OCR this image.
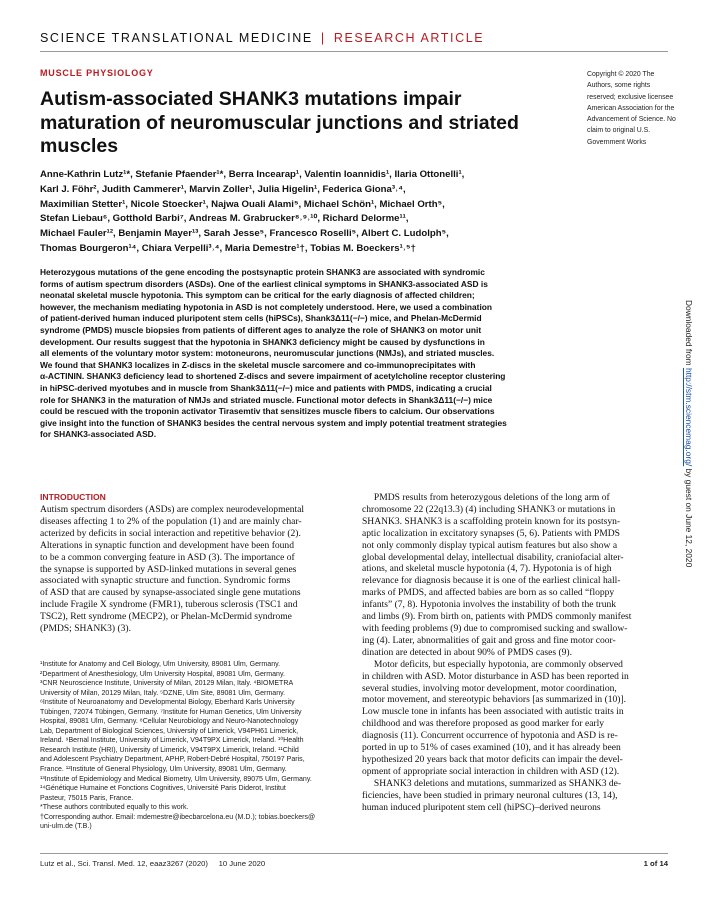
SCIENCE TRANSLATIONAL MEDICINE | RESEARCH ARTICLE
MUSCLE PHYSIOLOGY
Autism-associated SHANK3 mutations impair maturation of neuromuscular junctions and striated muscles
Copyright © 2020 The Authors, some rights reserved; exclusive licensee American Association for the Advancement of Science. No claim to original U.S. Government Works
Anne-Kathrin Lutz¹*, Stefanie Pfaender¹*, Berra Incearap¹, Valentin Ioannidis¹, Ilaria Ottonelli¹,
Karl J. Föhr², Judith Cammerer¹, Marvin Zoller¹, Julia Higelin¹, Federica Giona³˒⁴,
Maximilian Stetter¹, Nicole Stoecker¹, Najwa Ouali Alami⁵, Michael Schön¹, Michael Orth⁵,
Stefan Liebau⁶, Gotthold Barbi⁷, Andreas M. Grabrucker⁸˒⁹˒¹⁰, Richard Delorme¹¹,
Michael Fauler¹², Benjamin Mayer¹³, Sarah Jesse⁵, Francesco Roselli⁵, Albert C. Ludolph⁵,
Thomas Bourgeron¹⁴, Chiara Verpelli³˒⁴, Maria Demestre¹†, Tobias M. Boeckers¹˒⁵†
Heterozygous mutations of the gene encoding the postsynaptic protein SHANK3 are associated with syndromic
forms of autism spectrum disorders (ASDs). One of the earliest clinical symptoms in SHANK3-associated ASD is
neonatal skeletal muscle hypotonia. This symptom can be critical for the early diagnosis of affected children;
however, the mechanism mediating hypotonia in ASD is not completely understood. Here, we used a combination
of patient-derived human induced pluripotent stem cells (hiPSCs), Shank3Δ11(−/−) mice, and Phelan-McDermid
syndrome (PMDS) muscle biopsies from patients of different ages to analyze the role of SHANK3 on motor unit
development. Our results suggest that the hypotonia in SHANK3 deficiency might be caused by dysfunctions in
all elements of the voluntary motor system: motoneurons, neuromuscular junctions (NMJs), and striated muscles.
We found that SHANK3 localizes in Z-discs in the skeletal muscle sarcomere and co-immunoprecipitates with
α-ACTININ. SHANK3 deficiency lead to shortened Z-discs and severe impairment of acetylcholine receptor clustering
in hiPSC-derived myotubes and in muscle from Shank3Δ11(−/−) mice and patients with PMDS, indicating a crucial
role for SHANK3 in the maturation of NMJs and striated muscle. Functional motor defects in Shank3Δ11(−/−) mice
could be rescued with the troponin activator Tirasemtiv that sensitizes muscle fibers to calcium. Our observations
give insight into the function of SHANK3 besides the central nervous system and imply potential treatment strategies
for SHANK3-associated ASD.
Downloaded from http://stm.sciencemag.org/ by guest on June 12, 2020
INTRODUCTION
Autism spectrum disorders (ASDs) are complex neurodevelopmental
diseases affecting 1 to 2% of the population (1) and are mainly char-
acterized by deficits in social interaction and repetitive behavior (2).
Alterations in synaptic function and development have been found
to be a common converging feature in ASD (3). The importance of
the synapse is supported by ASD-linked mutations in several genes
associated with synaptic structure and function. Syndromic forms
of ASD that are caused by synapse-associated single gene mutations
include Fragile X syndrome (FMR1), tuberous sclerosis (TSC1 and
TSC2), Rett syndrome (MECP2), or Phelan-McDermid syndrome
(PMDS; SHANK3) (3).
¹Institute for Anatomy and Cell Biology, Ulm University, 89081 Ulm, Germany.
²Department of Anesthesiology, Ulm University Hospital, 89081 Ulm, Germany.
³CNR Neuroscience Institute, University of Milan, 20129 Milan, Italy. ⁴BIOMETRA
University of Milan, 20129 Milan, Italy. ⁵DZNE, Ulm Site, 89081 Ulm, Germany.
⁶Institute of Neuroanatomy and Developmental Biology, Eberhard Karls University
Tübingen, 72074 Tübingen, Germany. ⁷Institute for Human Genetics, Ulm University
Hospital, 89081 Ulm, Germany. ⁸Cellular Neurobiology and Neuro-Nanotechnology
Lab, Department of Biological Sciences, University of Limerick, V94PH61 Limerick,
Ireland. ⁹Bernal Institute, University of Limerick, V94T9PX Limerick, Ireland. ¹⁰Health
Research Institute (HRI), University of Limerick, V94T9PX Limerick, Ireland. ¹¹Child
and Adolescent Psychiatry Department, APHP, Robert-Debré Hospital, 750197 Paris,
France. ¹²Institute of General Physiology, Ulm University, 89081 Ulm, Germany.
¹³Institute of Epidemiology and Medical Biometry, Ulm University, 89075 Ulm, Germany.
¹⁴Génétique Humaine et Fonctions Cognitives, Université Paris Diderot, Institut
Pasteur, 75015 Paris, France.
*These authors contributed equally to this work.
†Corresponding author. Email: mdemestre@ibecbarcelona.eu (M.D.); tobias.boeckers@
uni-ulm.de (T.B.)
PMDS results from heterozygous deletions of the long arm of
chromosome 22 (22q13.3) (4) including SHANK3 or mutations in
SHANK3. SHANK3 is a scaffolding protein known for its postsyn-
aptic localization in excitatory synapses (5, 6). Patients with PMDS
not only commonly display typical autism features but also show a
global developmental delay, intellectual disability, craniofacial alter-
ations, and skeletal muscle hypotonia (4, 7). Hypotonia is of high
relevance for diagnosis because it is one of the earliest clinical hall-
marks of PMDS, and affected babies are born as so called “floppy
infants” (7, 8). Hypotonia involves the instability of both the trunk
and limbs (9). From birth on, patients with PMDS commonly manifest
with feeding problems (9) due to compromised sucking and swallow-
ing (4). Later, abnormalities of gait and gross and fine motor coor-
dination are detected in about 90% of PMDS cases (9).
Motor deficits, but especially hypotonia, are commonly observed
in children with ASD. Motor disturbance in ASD has been reported in
several studies, involving motor development, motor coordination,
motor movement, and stereotypic behaviors [as summarized in (10)].
Low muscle tone in infants has been associated with autistic traits in
childhood and was therefore proposed as good marker for early
diagnosis (11). Concurrent occurrence of hypotonia and ASD is re-
ported in up to 51% of cases examined (10), and it has already been
hypothesized 20 years back that motor deficits can impair the devel-
opment of appropriate social interaction in children with ASD (12).
SHANK3 deletions and mutations, summarized as SHANK3 de-
ficiencies, have been studied in primary neuronal cultures (13, 14),
human induced pluripotent stem cell (hiPSC)–derived neurons
Lutz et al., Sci. Transl. Med. 12, eaaz3267 (2020)     10 June 2020	1 of 14
